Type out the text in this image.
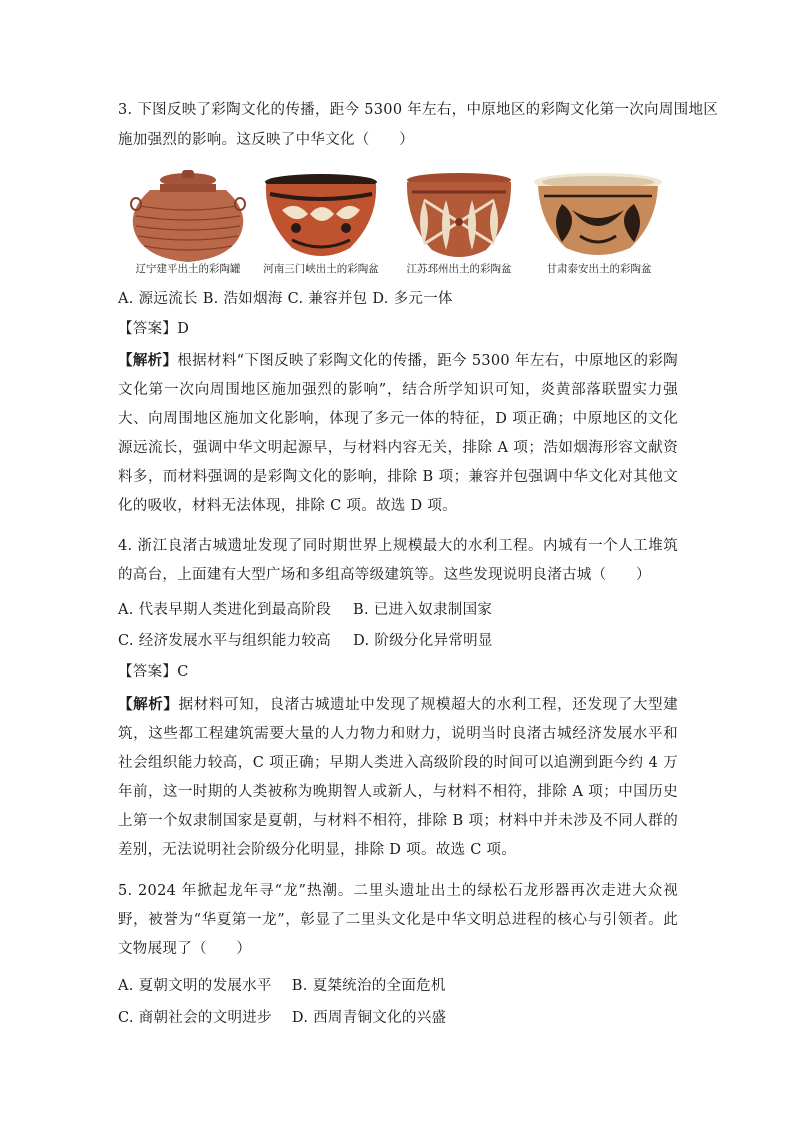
3. 下图反映了彩陶文化的传播，距今 5300 年左右，中原地区的彩陶文化第一次向周围地区
施加强烈的影响。这反映了中华文化（　　）
辽宁建平出土的彩陶罐	河南三门峡出土的彩陶盆	江苏邳州出土的彩陶盆	甘肃泰安出土的彩陶盆
A. 源远流长 B. 浩如烟海 C. 兼容并包 D. 多元一体
【答案】D
【解析】根据材料“下图反映了彩陶文化的传播，距今 5300 年左右，中原地区的彩陶文化第一次向周围地区施加强烈的影响”，结合所学知识可知，炎黄部落联盟实力强大、向周围地区施加文化影响，体现了多元一体的特征，D 项正确；中原地区的文化源远流长，强调中华文明起源早，与材料内容无关，排除 A 项；浩如烟海形容文献资料多，而材料强调的是彩陶文化的影响，排除 B 项；兼容并包强调中华文化对其他文化的吸收，材料无法体现，排除 C 项。故选 D 项。
4. 浙江良渚古城遗址发现了同时期世界上规模最大的水利工程。内城有一个人工堆筑的高台，上面建有大型广场和多组高等级建筑等。这些发现说明良渚古城（　　）
A. 代表早期人类进化到最高阶段 B. 已进入奴隶制国家
C. 经济发展水平与组织能力较高 D. 阶级分化异常明显
【答案】C
【解析】据材料可知，良渚古城遗址中发现了规模超大的水利工程，还发现了大型建筑，这些都工程建筑需要大量的人力物力和财力，说明当时良渚古城经济发展水平和社会组织能力较高，C 项正确；早期人类进入高级阶段的时间可以追溯到距今约 4 万年前，这一时期的人类被称为晚期智人或新人，与材料不相符，排除 A 项；中国历史上第一个奴隶制国家是夏朝，与材料不相符，排除 B 项；材料中并未涉及不同人群的差别，无法说明社会阶级分化明显，排除 D 项。故选 C 项。
5. 2024 年掀起龙年寻“龙”热潮。二里头遗址出土的绿松石龙形器再次走进大众视野，被誉为“华夏第一龙”，彰显了二里头文化是中华文明总进程的核心与引领者。此文物展现了（　　）
A. 夏朝文明的发展水平 B. 夏桀统治的全面危机
C. 商朝社会的文明进步 D. 西周青铜文化的兴盛
